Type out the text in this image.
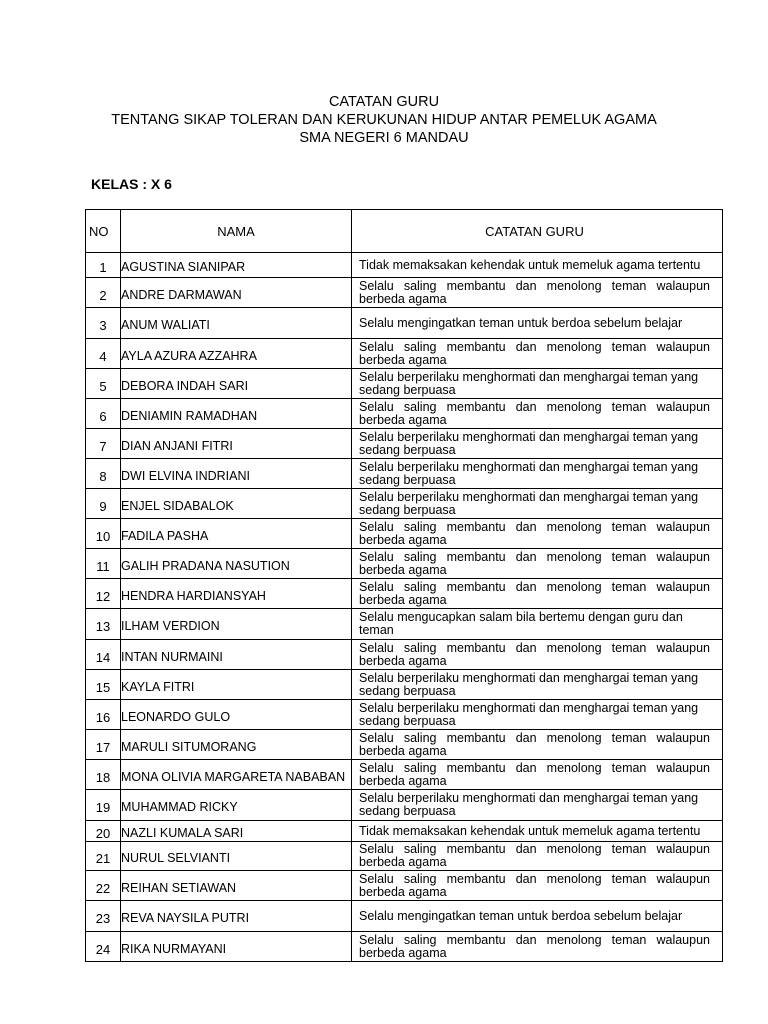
CATATAN GURU
TENTANG SIKAP TOLERAN DAN KERUKUNAN HIDUP ANTAR PEMELUK AGAMA
SMA NEGERI 6 MANDAU
KELAS : X 6
NO	NAMA	CATATAN GURU
1	AGUSTINA SIANIPAR	Tidak memaksakan kehendak untuk memeluk agama tertentu
2	ANDRE DARMAWAN	Selalu saling membantu dan menolong teman walaupun berbeda agama
3	ANUM WALIATI	Selalu mengingatkan teman untuk berdoa sebelum belajar
4	AYLA AZURA AZZAHRA	Selalu saling membantu dan menolong teman walaupun berbeda agama
5	DEBORA INDAH SARI	Selalu berperilaku menghormati dan menghargai teman yang sedang berpuasa
6	DENIAMIN RAMADHAN	Selalu saling membantu dan menolong teman walaupun berbeda agama
7	DIAN ANJANI FITRI	Selalu berperilaku menghormati dan menghargai teman yang sedang berpuasa
8	DWI ELVINA INDRIANI	Selalu berperilaku menghormati dan menghargai teman yang sedang berpuasa
9	ENJEL SIDABALOK	Selalu berperilaku menghormati dan menghargai teman yang sedang berpuasa
10	FADILA PASHA	Selalu saling membantu dan menolong teman walaupun berbeda agama
11	GALIH PRADANA NASUTION	Selalu saling membantu dan menolong teman walaupun berbeda agama
12	HENDRA HARDIANSYAH	Selalu saling membantu dan menolong teman walaupun berbeda agama
13	ILHAM VERDION	Selalu mengucapkan salam bila bertemu dengan guru dan teman
14	INTAN NURMAINI	Selalu saling membantu dan menolong teman walaupun berbeda agama
15	KAYLA FITRI	Selalu berperilaku menghormati dan menghargai teman yang sedang berpuasa
16	LEONARDO GULO	Selalu berperilaku menghormati dan menghargai teman yang sedang berpuasa
17	MARULI SITUMORANG	Selalu saling membantu dan menolong teman walaupun berbeda agama
18	MONA OLIVIA MARGARETA NABABAN	Selalu saling membantu dan menolong teman walaupun berbeda agama
19	MUHAMMAD RICKY	Selalu berperilaku menghormati dan menghargai teman yang sedang berpuasa
20	NAZLI KUMALA SARI	Tidak memaksakan kehendak untuk memeluk agama tertentu
21	NURUL SELVIANTI	Selalu saling membantu dan menolong teman walaupun berbeda agama
22	REIHAN SETIAWAN	Selalu saling membantu dan menolong teman walaupun berbeda agama
23	REVA NAYSILA PUTRI	Selalu mengingatkan teman untuk berdoa sebelum belajar
24	RIKA NURMAYANI	Selalu saling membantu dan menolong teman walaupun berbeda agama
